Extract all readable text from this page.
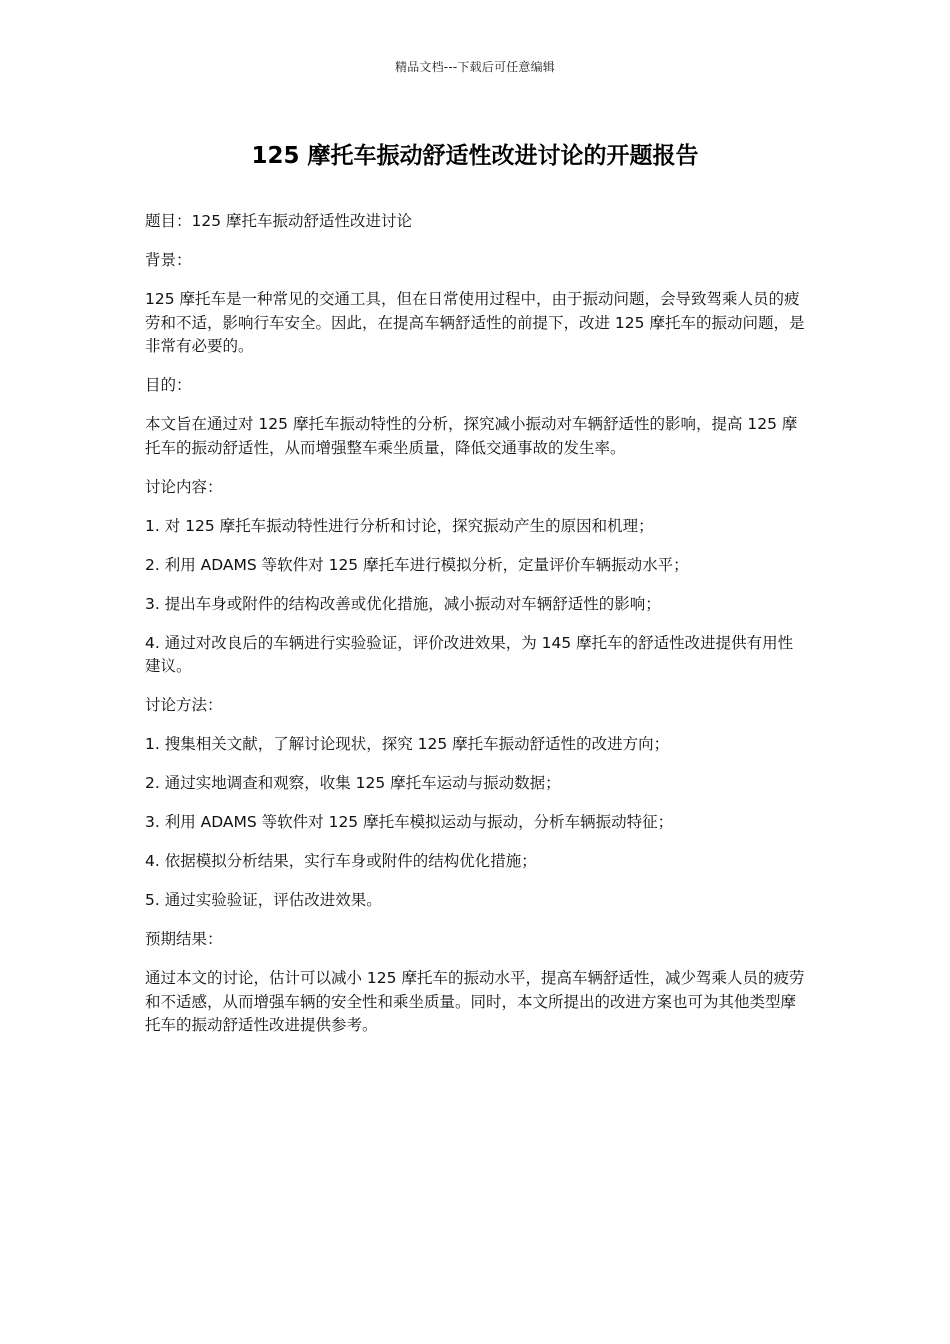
精品文档---下载后可任意编辑
125 摩托车振动舒适性改进讨论的开题报告

题目：125 摩托车振动舒适性改进讨论

背景：

125 摩托车是一种常见的交通工具，但在日常使用过程中，由于振动问题，会导致驾乘人员的疲劳和不适，影响行车安全。因此，在提高车辆舒适性的前提下，改进 125 摩托车的振动问题，是非常有必要的。

目的：

本文旨在通过对 125 摩托车振动特性的分析，探究减小振动对车辆舒适性的影响，提高 125 摩托车的振动舒适性，从而增强整车乘坐质量，降低交通事故的发生率。

讨论内容：

1. 对 125 摩托车振动特性进行分析和讨论，探究振动产生的原因和机理；

2. 利用 ADAMS 等软件对 125 摩托车进行模拟分析，定量评价车辆振动水平；

3. 提出车身或附件的结构改善或优化措施，减小振动对车辆舒适性的影响；

4. 通过对改良后的车辆进行实验验证，评价改进效果，为 145 摩托车的舒适性改进提供有用性建议。

讨论方法：

1. 搜集相关文献，了解讨论现状，探究 125 摩托车振动舒适性的改进方向；

2. 通过实地调查和观察，收集 125 摩托车运动与振动数据；

3. 利用 ADAMS 等软件对 125 摩托车模拟运动与振动，分析车辆振动特征；

4. 依据模拟分析结果，实行车身或附件的结构优化措施；

5. 通过实验验证，评估改进效果。

预期结果：

通过本文的讨论，估计可以减小 125 摩托车的振动水平，提高车辆舒适性，减少驾乘人员的疲劳和不适感，从而增强车辆的安全性和乘坐质量。同时，本文所提出的改进方案也可为其他类型摩托车的振动舒适性改进提供参考。
